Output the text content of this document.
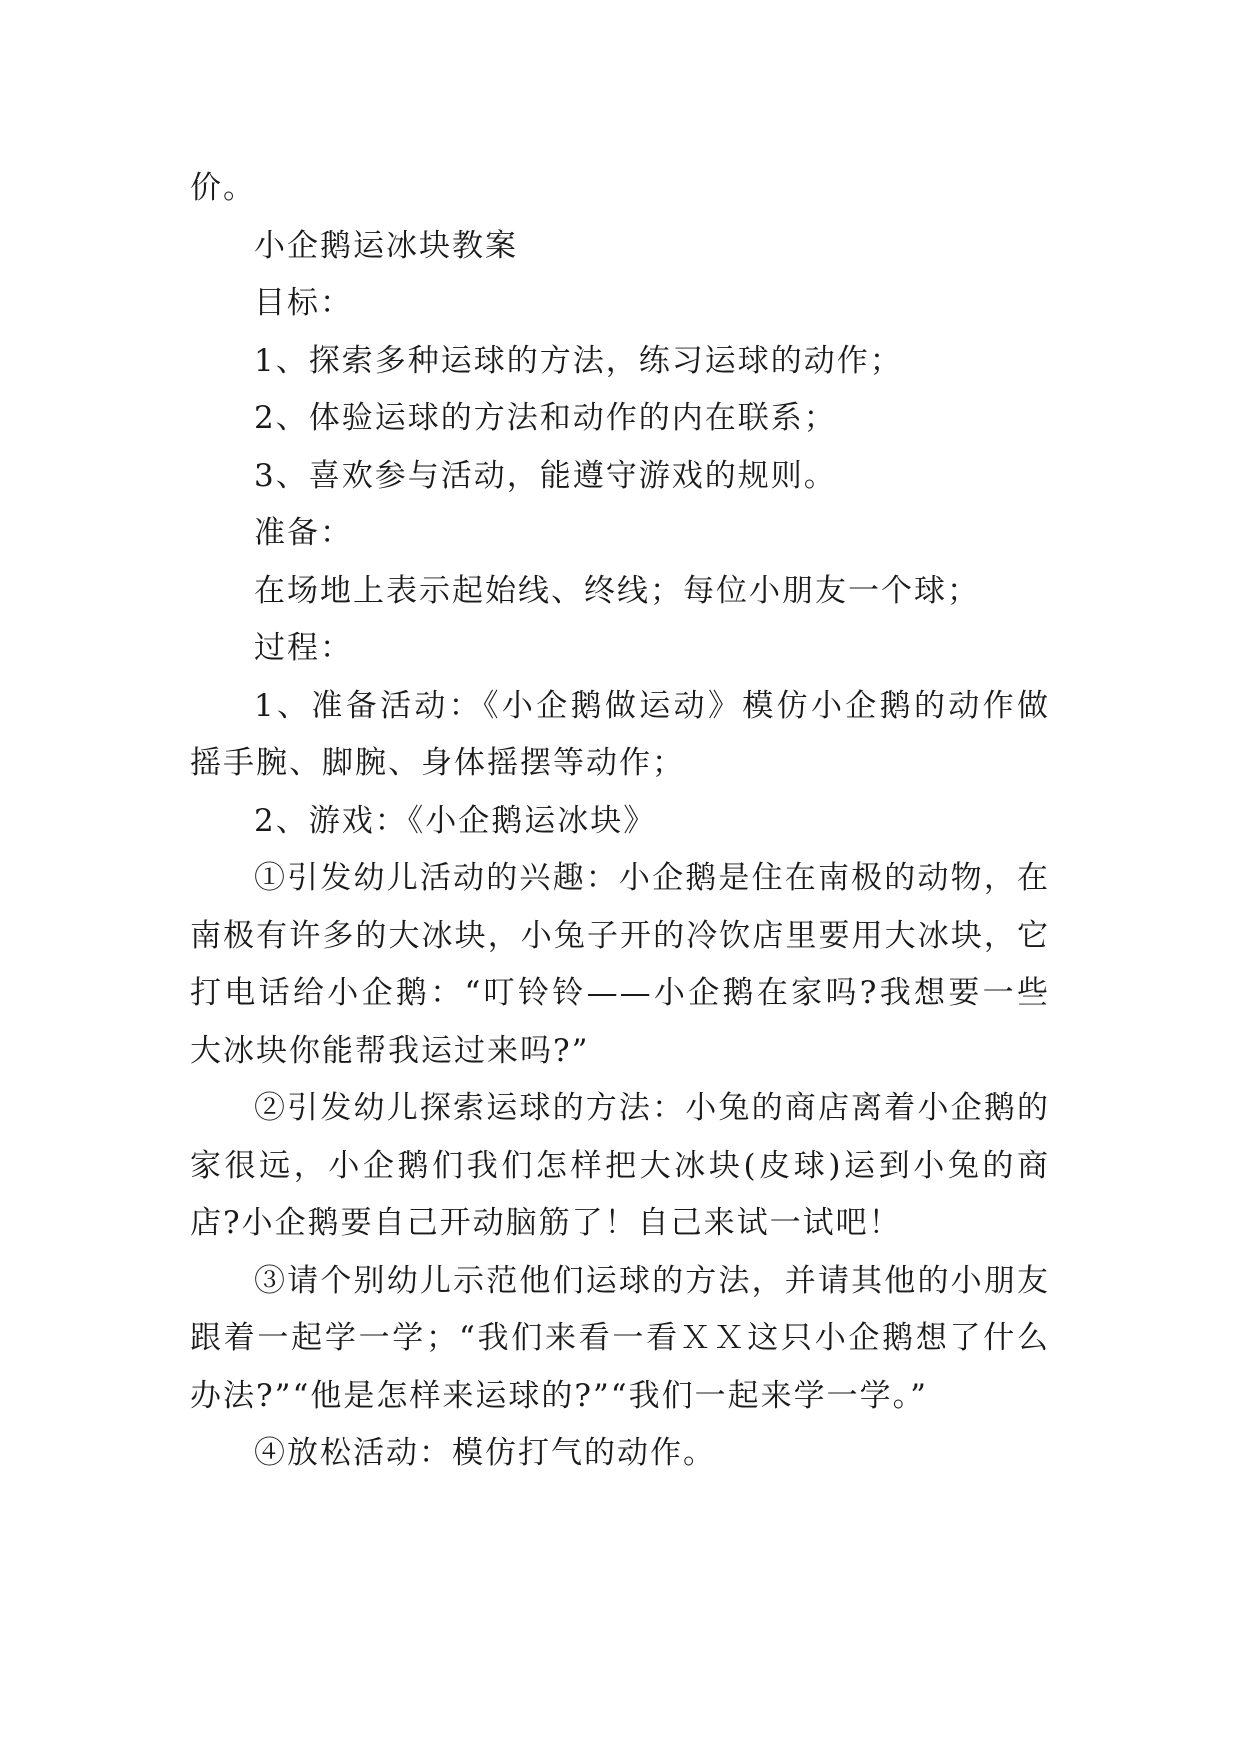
价。

小企鹅运冰块教案

目标：

1、探索多种运球的方法，练习运球的动作；

2、体验运球的方法和动作的内在联系；

3、喜欢参与活动，能遵守游戏的规则。

准备：

在场地上表示起始线、终线；每位小朋友一个球；

过程：

1、准备活动：《小企鹅做运动》模仿小企鹅的动作做摇手腕、脚腕、身体摇摆等动作；

2、游戏：《小企鹅运冰块》

①引发幼儿活动的兴趣：小企鹅是住在南极的动物，在南极有许多的大冰块，小兔子开的冷饮店里要用大冰块，它打电话给小企鹅：“叮铃铃——小企鹅在家吗?我想要一些大冰块你能帮我运过来吗?”

②引发幼儿探索运球的方法：小兔的商店离着小企鹅的家很远，小企鹅们我们怎样把大冰块(皮球)运到小兔的商店?小企鹅要自己开动脑筋了！自己来试一试吧！

③请个别幼儿示范他们运球的方法，并请其他的小朋友跟着一起学一学；“我们来看一看ＸＸ这只小企鹅想了什么办法?”“他是怎样来运球的?”“我们一起来学一学。”

④放松活动：模仿打气的动作。
